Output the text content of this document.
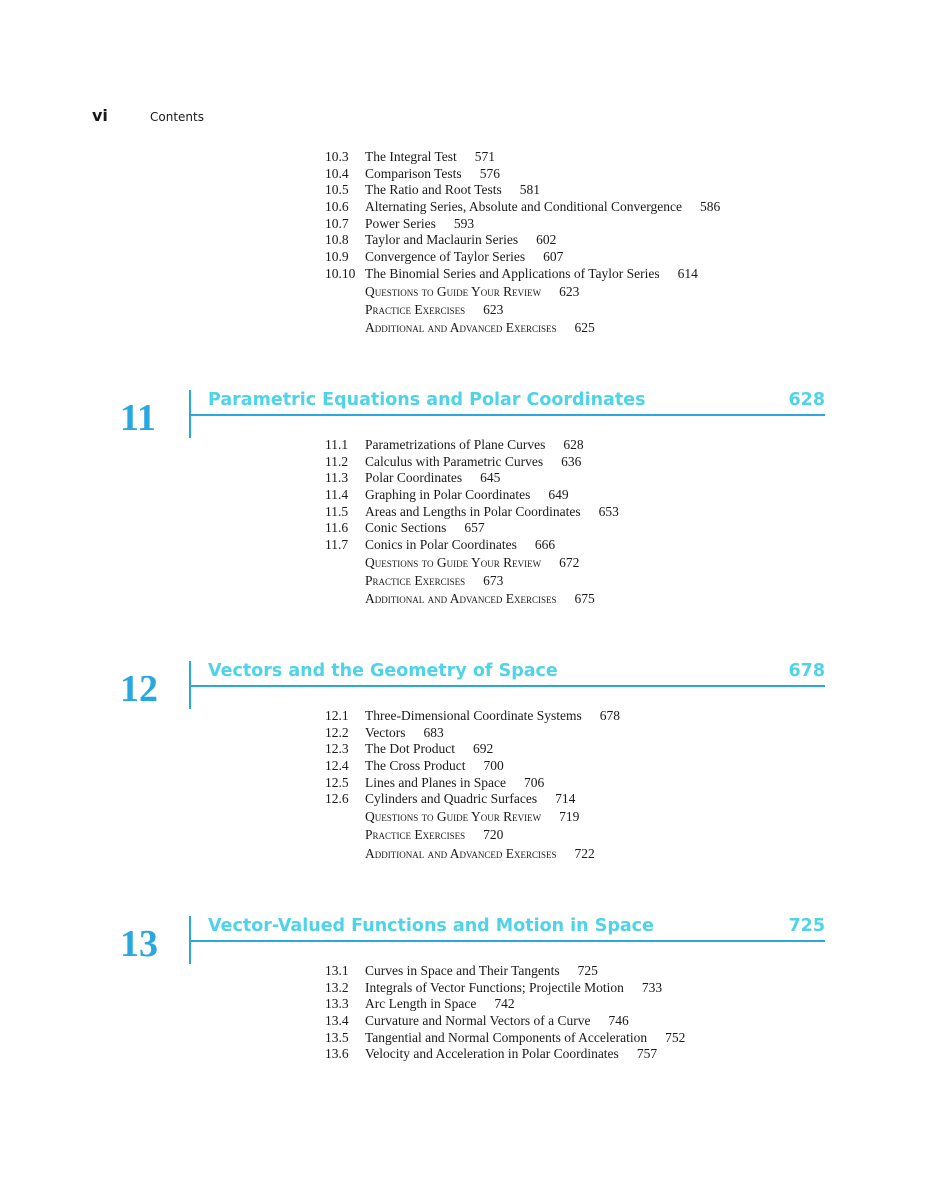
vi	Contents
10.3	The Integral Test 571
10.4	Comparison Tests 576
10.5	The Ratio and Root Tests 581
10.6	Alternating Series, Absolute and Conditional Convergence 586
10.7	Power Series 593
10.8	Taylor and Maclaurin Series 602
10.9	Convergence of Taylor Series 607
10.10 The Binomial Series and Applications of Taylor Series 614
Questions to Guide Your Review 623
Practice Exercises 623
Additional and Advanced Exercises 625
11	Parametric Equations and Polar Coordinates	628
11.1	Parametrizations of Plane Curves 628
11.2	Calculus with Parametric Curves 636
11.3	Polar Coordinates 645
11.4	Graphing in Polar Coordinates 649
11.5	Areas and Lengths in Polar Coordinates 653
11.6	Conic Sections 657
11.7	Conics in Polar Coordinates 666
Questions to Guide Your Review 672
Practice Exercises 673
Additional and Advanced Exercises 675
12	Vectors and the Geometry of Space	678
12.1	Three-Dimensional Coordinate Systems 678
12.2	Vectors 683
12.3	The Dot Product 692
12.4	The Cross Product 700
12.5	Lines and Planes in Space 706
12.6	Cylinders and Quadric Surfaces 714
Questions to Guide Your Review 719
Practice Exercises 720
Additional and Advanced Exercises 722
13	Vector-Valued Functions and Motion in Space	725
13.1	Curves in Space and Their Tangents 725
13.2	Integrals of Vector Functions; Projectile Motion 733
13.3	Arc Length in Space 742
13.4	Curvature and Normal Vectors of a Curve 746
13.5	Tangential and Normal Components of Acceleration 752
13.6	Velocity and Acceleration in Polar Coordinates 757
